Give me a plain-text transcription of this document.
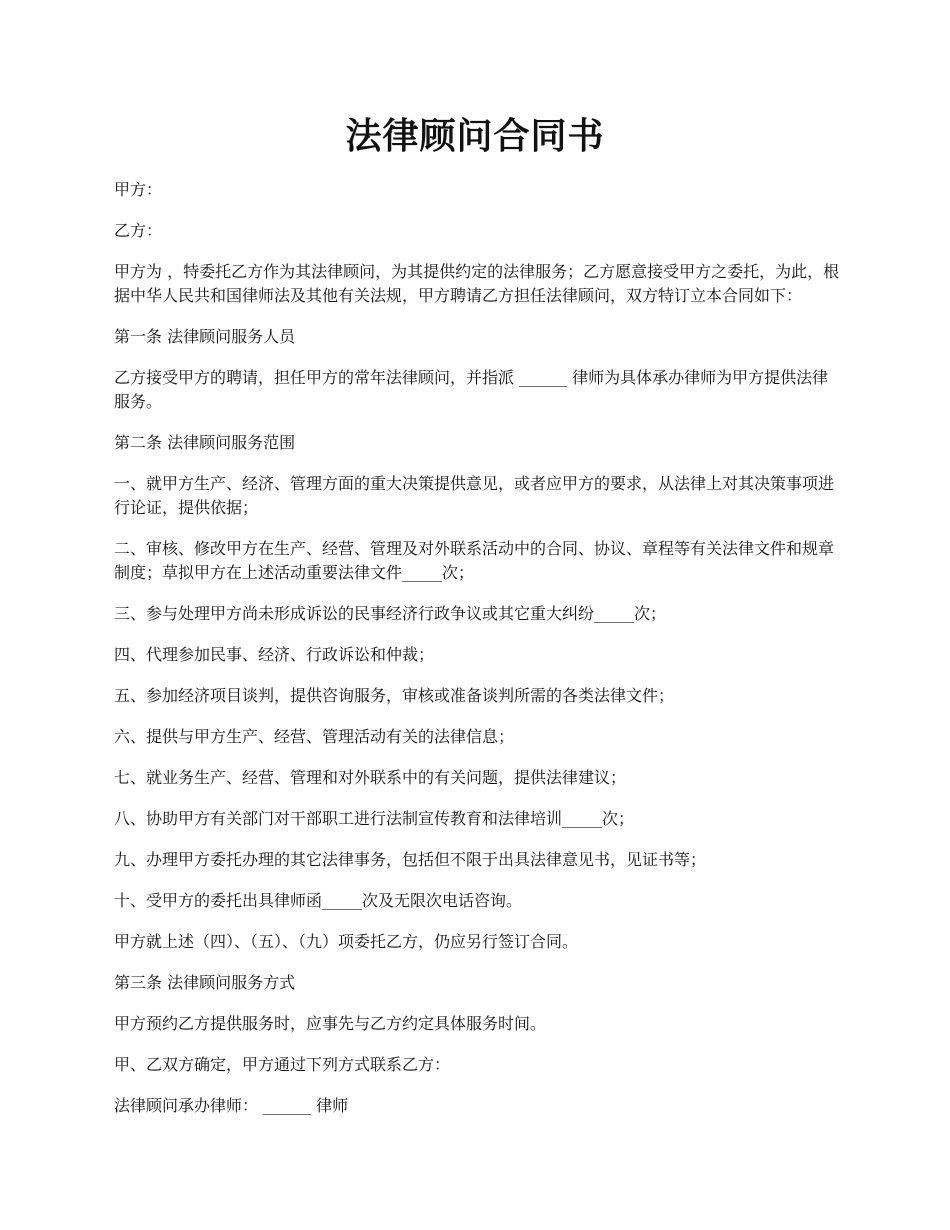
法律顾问合同书

甲方：

乙方：

甲方为 ，特委托乙方作为其法律顾问，为其提供约定的法律服务；乙方愿意接受甲方之委托，为此，根据中华人民共和国律师法及其他有关法规，甲方聘请乙方担任法律顾问，双方特订立本合同如下：

第一条 法律顾问服务人员

乙方接受甲方的聘请，担任甲方的常年法律顾问，并指派 ______ 律师为具体承办律师为甲方提供法律服务。

第二条 法律顾问服务范围

一、就甲方生产、经济、管理方面的重大决策提供意见，或者应甲方的要求，从法律上对其决策事项进行论证，提供依据；

二、审核、修改甲方在生产、经营、管理及对外联系活动中的合同、协议、章程等有关法律文件和规章制度；草拟甲方在上述活动重要法律文件_____次；

三、参与处理甲方尚未形成诉讼的民事经济行政争议或其它重大纠纷_____次；

四、代理参加民事、经济、行政诉讼和仲裁；

五、参加经济项目谈判，提供咨询服务，审核或准备谈判所需的各类法律文件；

六、提供与甲方生产、经营、管理活动有关的法律信息；

七、就业务生产、经营、管理和对外联系中的有关问题，提供法律建议；

八、协助甲方有关部门对干部职工进行法制宣传教育和法律培训_____次；

九、办理甲方委托办理的其它法律事务，包括但不限于出具法律意见书，见证书等；

十、受甲方的委托出具律师函_____次及无限次电话咨询。

甲方就上述（四）、（五）、（九）项委托乙方，仍应另行签订合同。

第三条 法律顾问服务方式

甲方预约乙方提供服务时，应事先与乙方约定具体服务时间。

甲、乙双方确定，甲方通过下列方式联系乙方：

法律顾问承办律师： ______ 律师
